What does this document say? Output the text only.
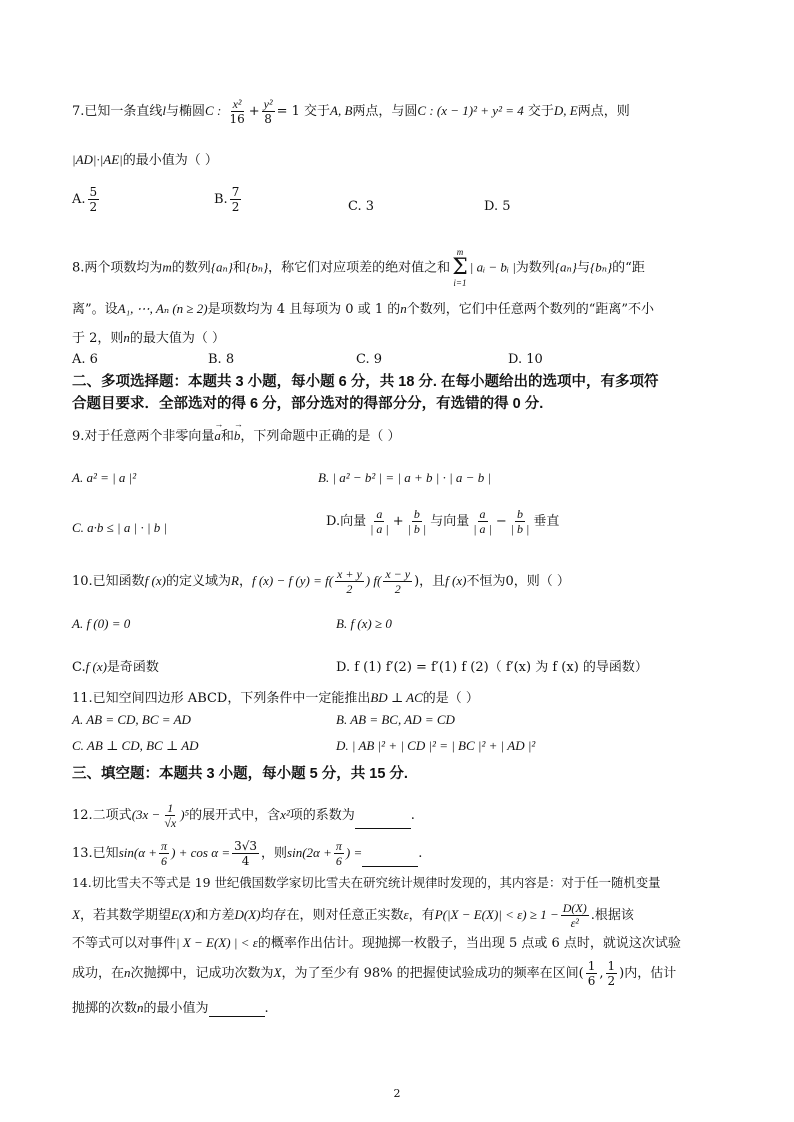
7.已知一条直线l与椭圆C : $\frac{\text{x²}}{16} + \frac{\text{y²}}{8} = 1$ 交于A, B两点，与圆C : (x − 1)² + y² = 4 交于D, E两点，则
|AD|·|AE|的最小值为（ ）
A. $\frac{5}{2}$	B. $\frac{7}{2}$	C. 3	D. 5
8.两个项数均为m的数列{aₙ}和{bₙ}，称它们对应项差的绝对值之和
m
Σ
i=1
| aᵢ − bᵢ |为数列{aₙ}与{bₙ}的“距
离”。设A₁, ⋯, Aₙ (n ≥ 2)是项数均为 4 且每项为 0 或 1 的n个数列，它们中任意两个数列的“距离”不小
于 2，则n的最大值为（ ）
A. 6	B. 8	C. 9	D. 10
二、多项选择题：本题共 3 小题，每小题 6 分，共 18 分. 在每小题给出的选项中，有多项符
合题目要求．全部选对的得 6 分，部分选对的得部分分，有选错的得 0 分.
9.对于任意两个非零向量→ a和→ b，下列命题中正确的是（ ）
A. a² = | a |²	B. | a² − b² | = | a + b | · | a − b |
C. a·b ≤ | a | · | b |	D.向量 $\frac{a}{| a |} + \frac{b}{| b |}$ 与向量 $\frac{a}{| a |} - \frac{b}{| b |}$ 垂直
10.已知函数f (x)的定义域为R，f (x) − f $(y) = f( \frac{x + y}{2}$ ) $f( \frac{x - y}{2}$ )，且f (x)不恒为0，则（ ）
A. f (0) = 0	B. f (x) ≥ 0
C.f (x)是奇函数	D. f (1) f′(2) = f′(1) f (2)（ f′(x) 为 f (x) 的导函数）
11.已知空间四边形 ABCD，下列条件中一定能推出BD ⊥ AC的是（ ）
A. AB = CD, BC = AD	B. AB = BC, AD = CD
C. AB ⊥ CD, BC ⊥ AD	D. | AB |² + | CD |² = | BC |² + | AD |²
三、填空题：本题共 3 小题，每小题 5 分，共 15 分.
12.二项式$(3x - \frac{1}{√x} )^5$的展开式中，含x²项的系数为	.
13.已知$\sin(\alpha + \frac{\pi}{6}$ ) + $\cos \alpha = \frac{3√3}{4}$ ，则$\sin(2\alpha + \frac{\pi}{6}$ ) =	.
14.切比雪夫不等式是 19 世纪俄国数学家切比雪夫在研究统计规律时发现的，其内容是：对于任一随机变量
X，若其数学期望E(X)和方差D(X)均存在，则对任意正实数ε，有$P(|X - E(X)| < \varepsilon) \ge 1 - \frac{D(X)}{\text{ε²}}$ .根据该
不等式可以对事件| X − E(X) | < ε的概率作出估计。现抛掷一枚骰子，当出现 5 点或 6 点时，就说这次试验
成功，在n次抛掷中，记成功次数为X，为了至少有 98% 的把握使试验成功的频率在区间( $\frac{1}{6}$ , $\frac{1}{2}$ )内，估计
抛掷的次数n的最小值为	.
2
